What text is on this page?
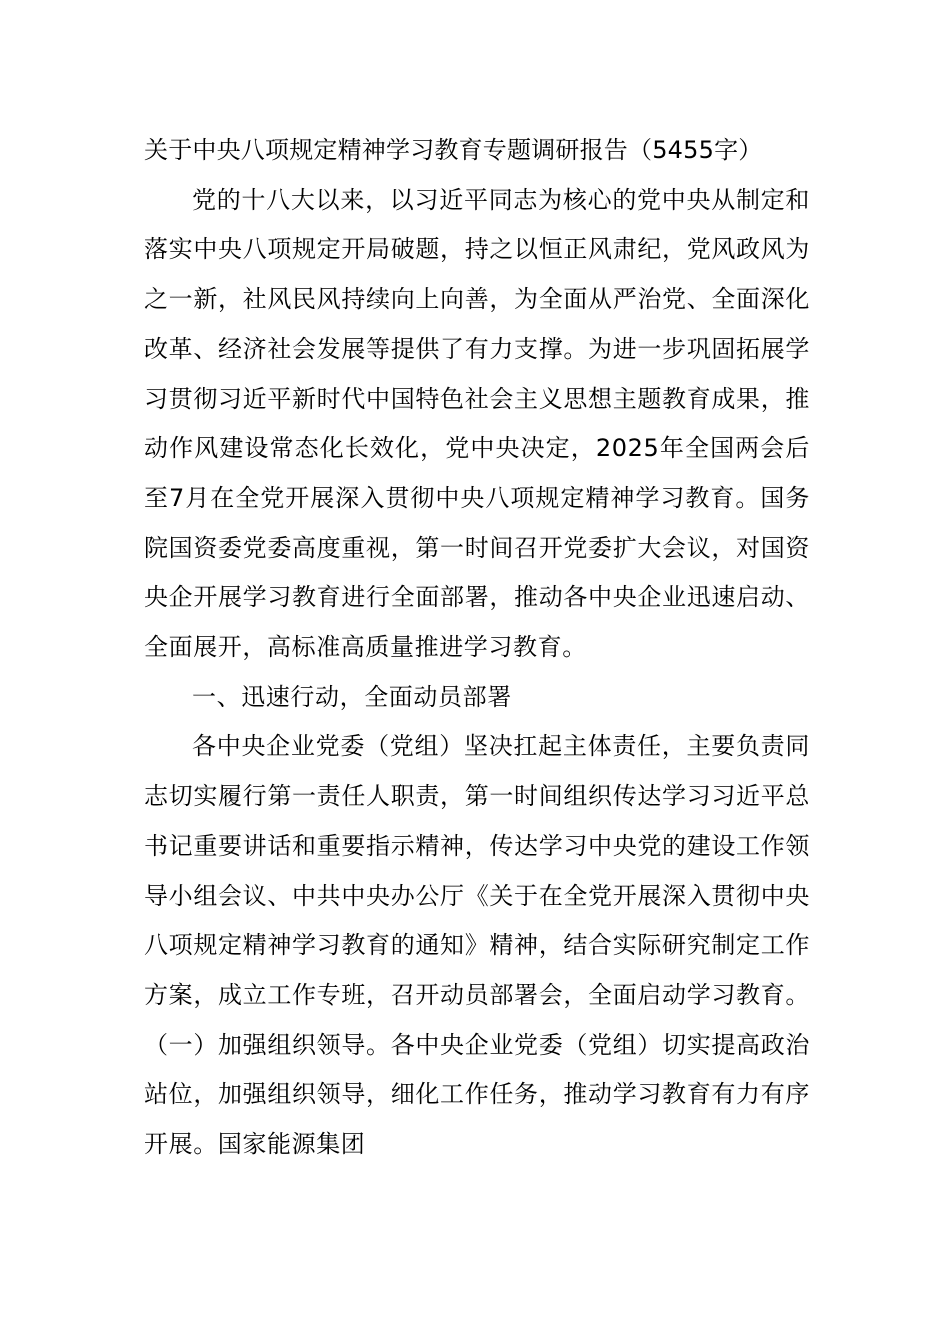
关于中央八项规定精神学习教育专题调研报告（5455字）

党的十八大以来，以习近平同志为核心的党中央从制定和落实中央八项规定开局破题，持之以恒正风肃纪，党风政风为之一新，社风民风持续向上向善，为全面从严治党、全面深化改革、经济社会发展等提供了有力支撑。为进一步巩固拓展学习贯彻习近平新时代中国特色社会主义思想主题教育成果，推动作风建设常态化长效化，党中央决定，2025年全国两会后至7月在全党开展深入贯彻中央八项规定精神学习教育。国务院国资委党委高度重视，第一时间召开党委扩大会议，对国资央企开展学习教育进行全面部署，推动各中央企业迅速启动、全面展开，高标准高质量推进学习教育。

一、迅速行动，全面动员部署

各中央企业党委（党组）坚决扛起主体责任，主要负责同志切实履行第一责任人职责，第一时间组织传达学习习近平总书记重要讲话和重要指示精神，传达学习中央党的建设工作领导小组会议、中共中央办公厅《关于在全党开展深入贯彻中央八项规定精神学习教育的通知》精神，结合实际研究制定工作方案，成立工作专班，召开动员部署会，全面启动学习教育。（一）加强组织领导。各中央企业党委（党组）切实提高政治站位，加强组织领导，细化工作任务，推动学习教育有力有序开展。国家能源集团
